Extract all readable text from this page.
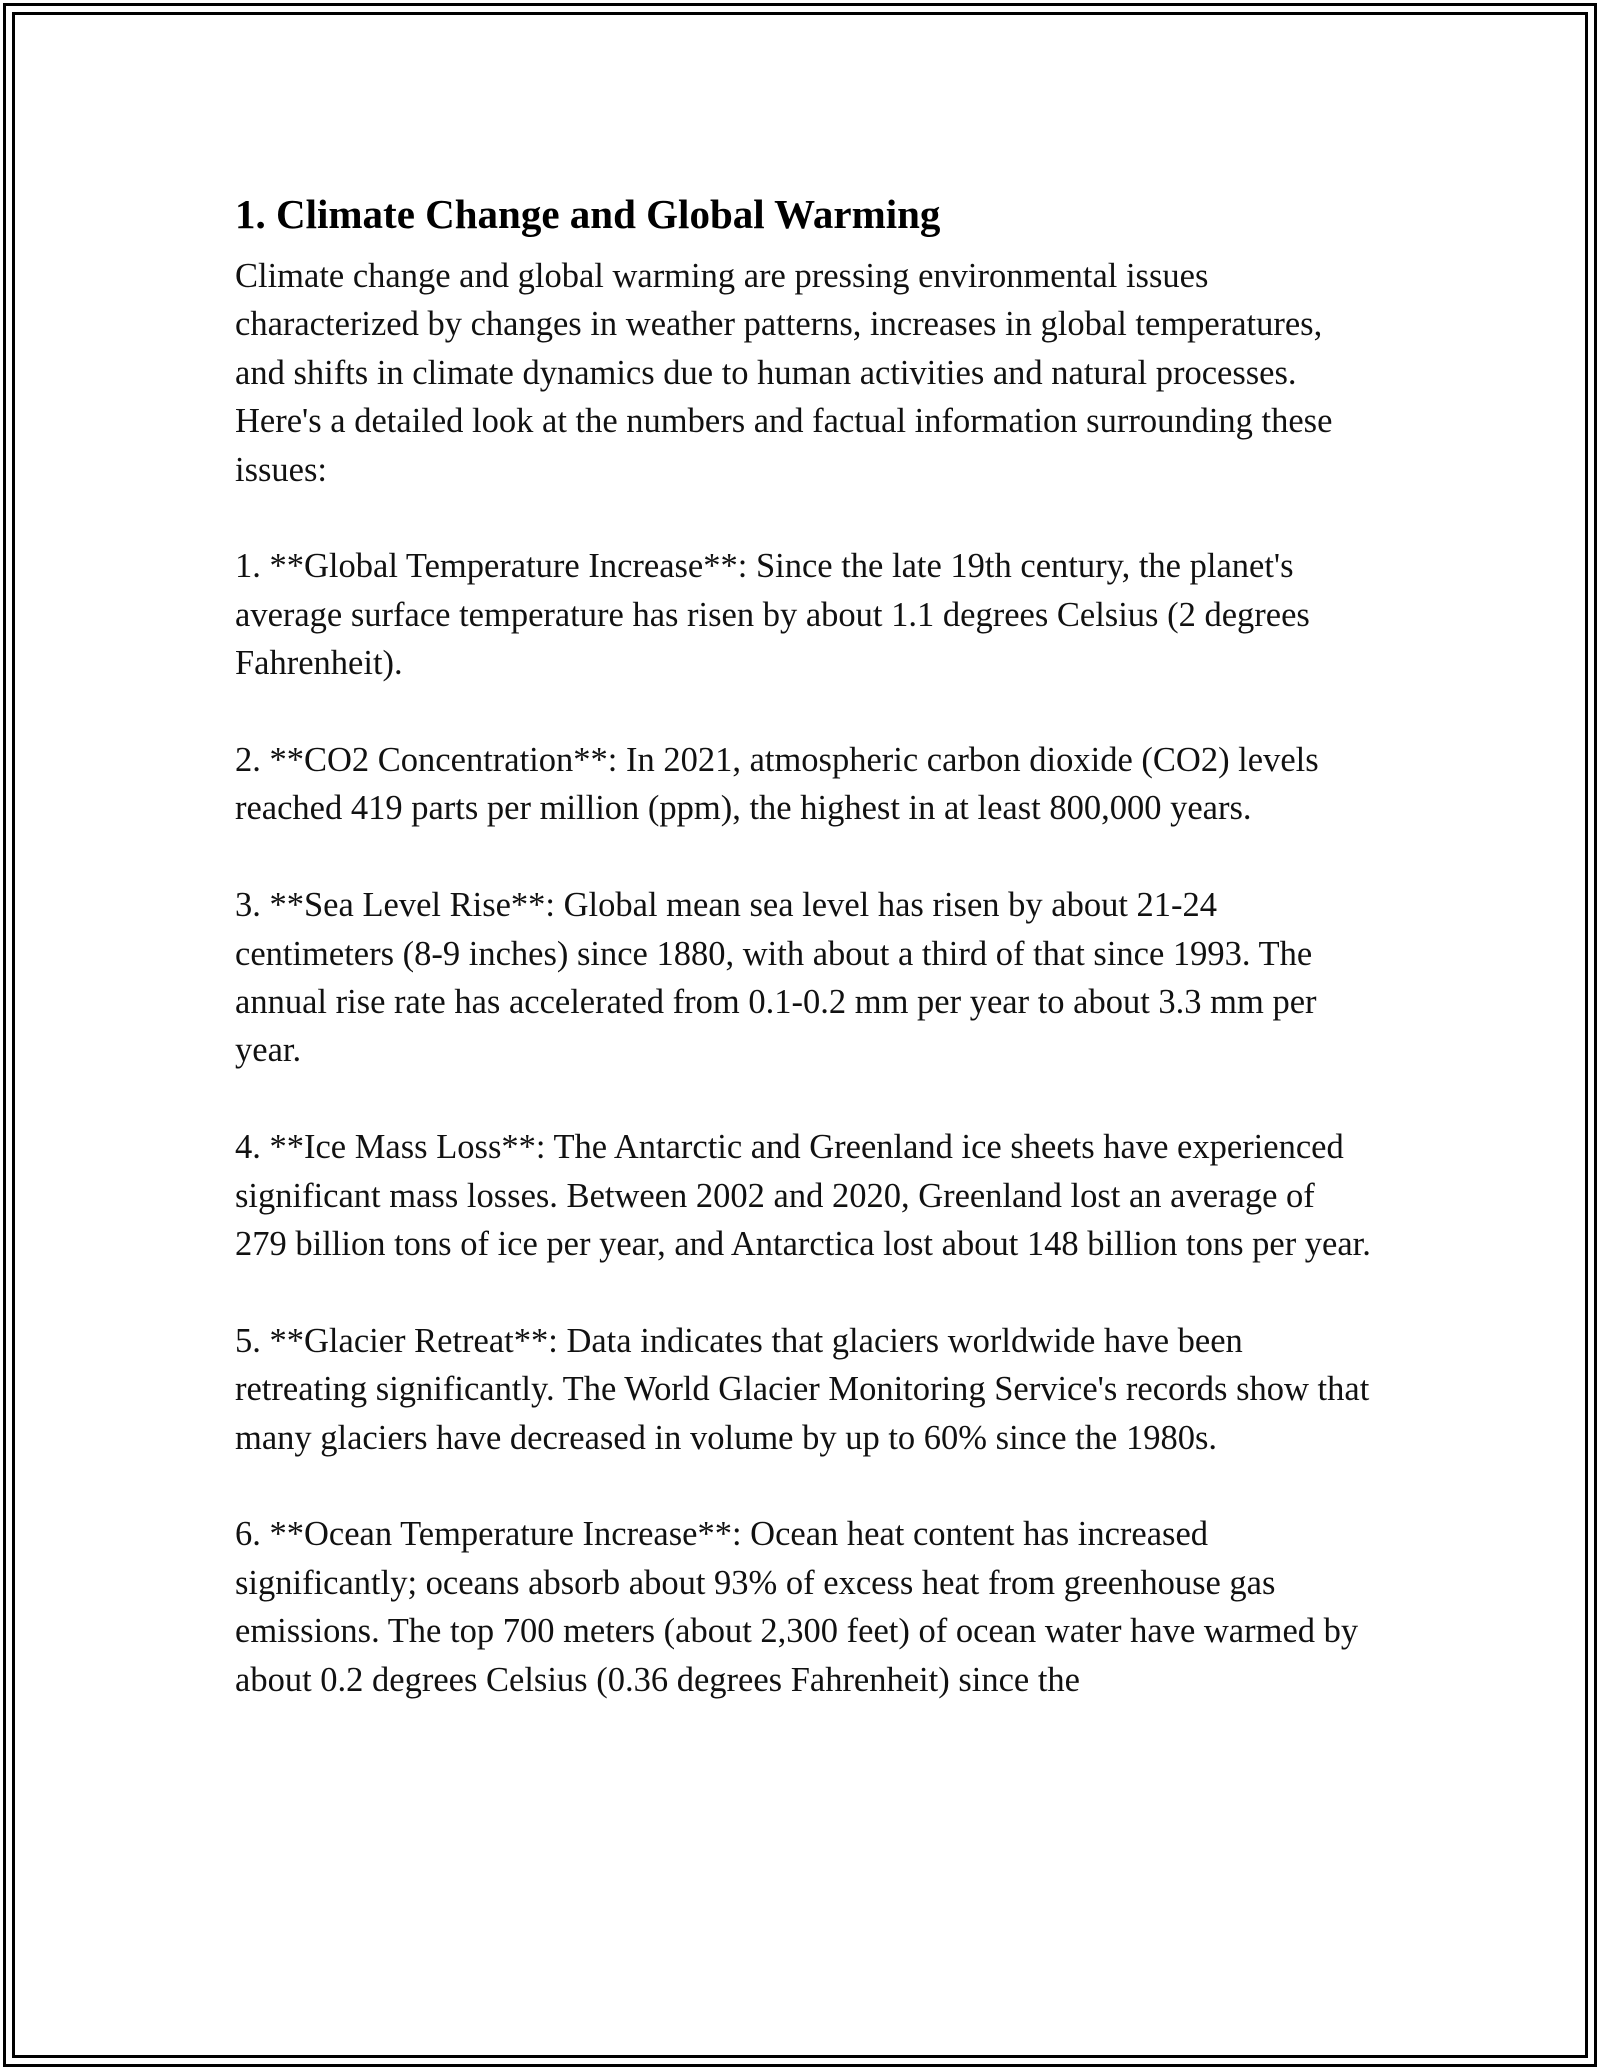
1. Climate Change and Global Warming

Climate change and global warming are pressing environmental issues characterized by changes in weather patterns, increases in global temperatures, and shifts in climate dynamics due to human activities and natural processes. Here's a detailed look at the numbers and factual information surrounding these issues:

1. **Global Temperature Increase**: Since the late 19th century, the planet's average surface temperature has risen by about 1.1 degrees Celsius (2 degrees Fahrenheit).

2. **CO2 Concentration**: In 2021, atmospheric carbon dioxide (CO2) levels reached 419 parts per million (ppm), the highest in at least 800,000 years.

3. **Sea Level Rise**: Global mean sea level has risen by about 21-24 centimeters (8-9 inches) since 1880, with about a third of that since 1993. The annual rise rate has accelerated from 0.1-0.2 mm per year to about 3.3 mm per year.

4. **Ice Mass Loss**: The Antarctic and Greenland ice sheets have experienced significant mass losses. Between 2002 and 2020, Greenland lost an average of 279 billion tons of ice per year, and Antarctica lost about 148 billion tons per year.

5. **Glacier Retreat**: Data indicates that glaciers worldwide have been retreating significantly. The World Glacier Monitoring Service's records show that many glaciers have decreased in volume by up to 60% since the 1980s.

6. **Ocean Temperature Increase**: Ocean heat content has increased significantly; oceans absorb about 93% of excess heat from greenhouse gas emissions. The top 700 meters (about 2,300 feet) of ocean water have warmed by about 0.2 degrees Celsius (0.36 degrees Fahrenheit) since the
